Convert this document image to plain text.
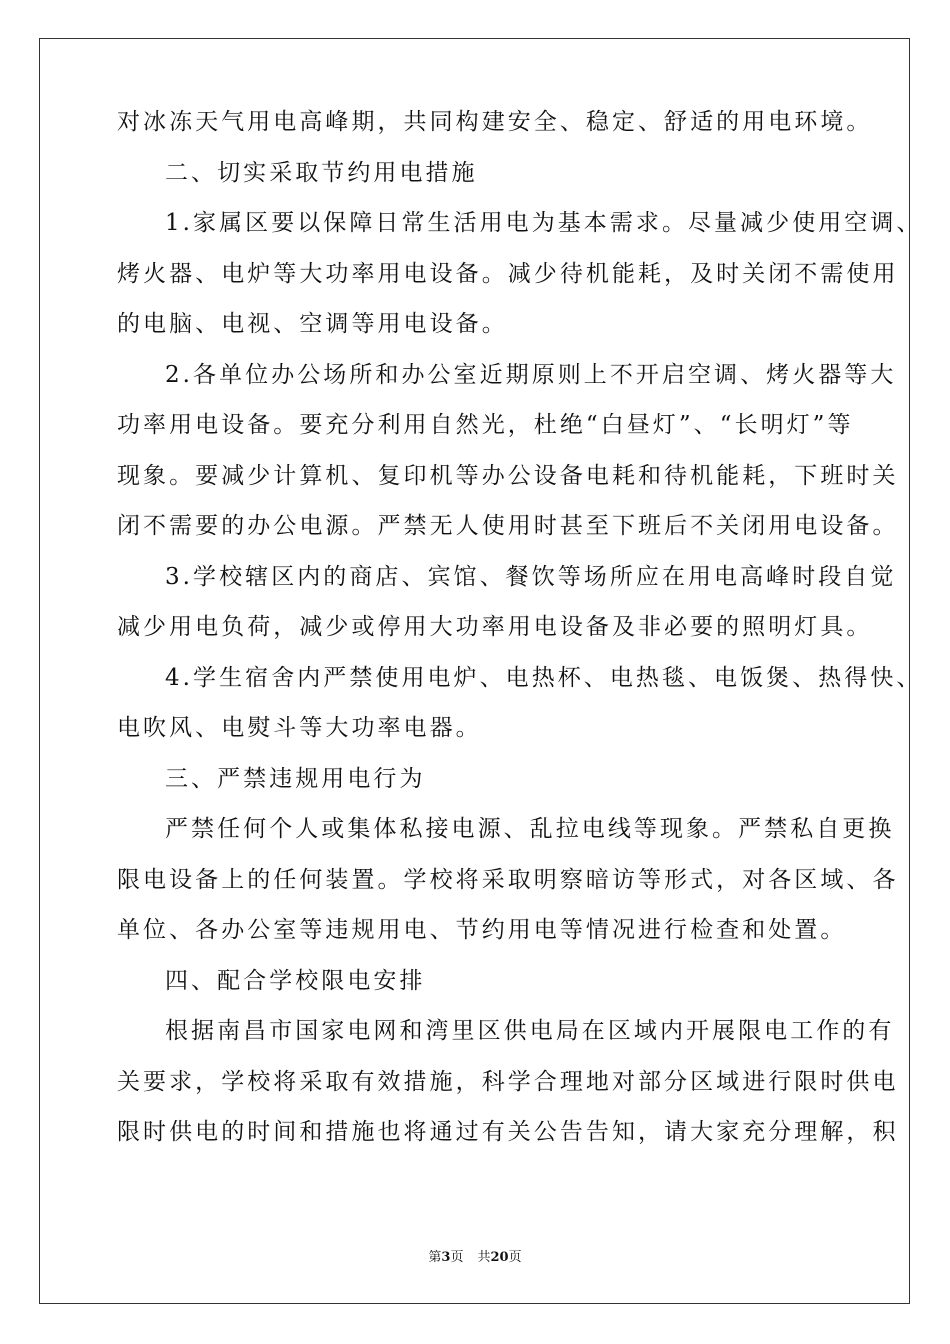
对冰冻天气用电高峰期，共同构建安全、稳定、舒适的用电环境。
二、切实采取节约用电措施
1.家属区要以保障日常生活用电为基本需求。尽量减少使用空调、
烤火器、电炉等大功率用电设备。减少待机能耗，及时关闭不需使用
的电脑、电视、空调等用电设备。
2.各单位办公场所和办公室近期原则上不开启空调、烤火器等大
功率用电设备。要充分利用自然光，杜绝“白昼灯”、“长明灯”等
现象。要减少计算机、复印机等办公设备电耗和待机能耗，下班时关
闭不需要的办公电源。严禁无人使用时甚至下班后不关闭用电设备。
3.学校辖区内的商店、宾馆、餐饮等场所应在用电高峰时段自觉
减少用电负荷，减少或停用大功率用电设备及非必要的照明灯具。
4.学生宿舍内严禁使用电炉、电热杯、电热毯、电饭煲、热得快、
电吹风、电熨斗等大功率电器。
三、严禁违规用电行为
严禁任何个人或集体私接电源、乱拉电线等现象。严禁私自更换
限电设备上的任何装置。学校将采取明察暗访等形式，对各区域、各
单位、各办公室等违规用电、节约用电等情况进行检查和处置。
四、配合学校限电安排
根据南昌市国家电网和湾里区供电局在区域内开展限电工作的有
关要求，学校将采取有效措施，科学合理地对部分区域进行限时供电
限时供电的时间和措施也将通过有关公告告知，请大家充分理解，积
第3页 共20页
